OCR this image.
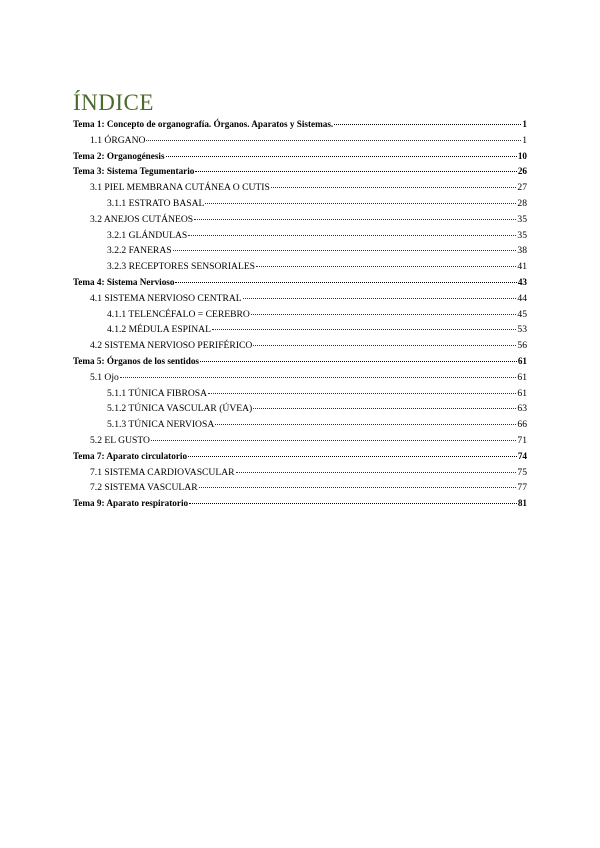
ÍNDICE
Tema 1: Concepto de organografía. Órganos. Aparatos y Sistemas.	1
1.1 ÓRGANO	1
Tema 2: Organogénesis	10
Tema 3: Sistema Tegumentario	26
3.1 PIEL MEMBRANA CUTÁNEA O CUTIS	27
3.1.1 ESTRATO BASAL	28
3.2 ANEJOS CUTÁNEOS	35
3.2.1 GLÁNDULAS	35
3.2.2 FANERAS	38
3.2.3 RECEPTORES SENSORIALES	41
Tema 4: Sistema Nervioso	43
4.1 SISTEMA NERVIOSO CENTRAL	44
4.1.1 TELENCÉFALO = CEREBRO	45
4.1.2 MÉDULA ESPINAL	53
4.2 SISTEMA NERVIOSO PERIFÉRICO	56
Tema 5: Órganos de los sentidos	61
5.1 Ojo	61
5.1.1 TÚNICA FIBROSA	61
5.1.2 TÚNICA VASCULAR (ÚVEA)	63
5.1.3 TÚNICA NERVIOSA	66
5.2 EL GUSTO	71
Tema 7: Aparato circulatorio	74
7.1 SISTEMA CARDIOVASCULAR	75
7.2 SISTEMA VASCULAR	77
Tema 9: Aparato respiratorio	81
